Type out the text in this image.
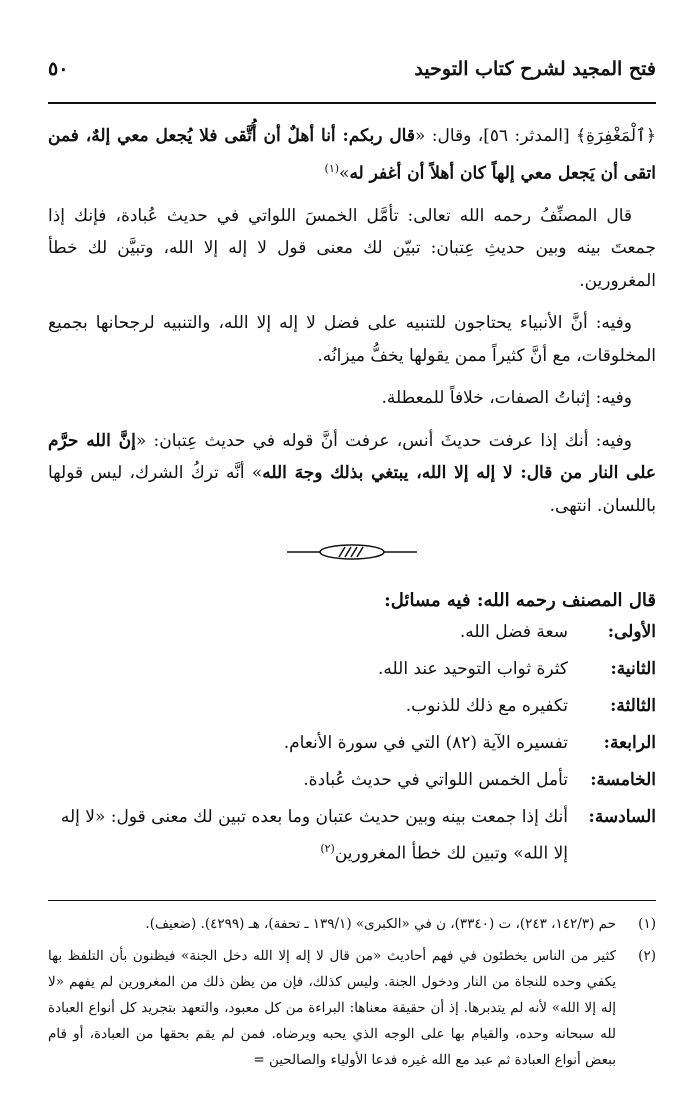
فتح المجيد لشرح كتاب التوحيد
٥٠

﴿ٱلْمَغْفِرَةِ﴾ [المدثر: ٥٦]، وقال: «قال ربكم: أنا أهلٌ أن أُتَّقى فلا يُجعل معي إلهٌ، فمن اتقى أن يَجعل معي إلهاً كان أهلاً أن أغفر له»$^{(١)}$

قال المصنِّفُ رحمه الله تعالى: تأمَّل الخمسَ اللواتي في حديث عُبادة، فإنك إذا جمعتَ بينه وبين حديثِ عِتبان: تبيّن لك معنى قول لا إله إلا الله، وتبيَّن لك خطأ المغرورين.

وفيه: أنَّ الأنبياء يحتاجون للتنبيه على فضل لا إله إلا الله، والتنبيه لرجحانها بجميع المخلوقات، مع أنَّ كثيراً ممن يقولها يخفُّ ميزانُه.

وفيه: إثباتُ الصفات، خلافاً للمعطلة.

وفيه: أنك إذا عرفت حديثَ أنس، عرفت أنَّ قوله في حديث عِتبان: «إنَّ الله حرَّم على النار من قال: لا إله إلا الله، يبتغي بذلك وجهَ الله» أنَّه تركُ الشرك، ليس قولها باللسان. انتهى.

قال المصنف رحمه الله: فيه مسائل:
الأولى:
سعة فضل الله.
الثانية:
كثرة ثواب التوحيد عند الله.
الثالثة:
تكفيره مع ذلك للذنوب.
الرابعة:
تفسيره الآية (٨٢) التي في سورة الأنعام.
الخامسة:
تأمل الخمس اللواتي في حديث عُبادة.
السادسة:
أنك إذا جمعت بينه وبين حديث عتبان وما بعده تبين لك معنى قول: «لا إله إلا الله» وتبين لك خطأ المغرورين$^{(٢)}$
(١)
حم (١٤٢/٣، ٢٤٣)، ت (٣٣٤٠)، ن في «الكبرى» (١٣٩/١ ـ تحفة)، هـ (٤٢٩٩). (ضعيف).
(٢)
كثير من الناس يخطئون في فهم أحاديث «من قال لا إله إلا الله دخل الجنة» فيظنون بأن التلفظ بها يكفي وحده للنجاة من النار ودخول الجنة. وليس كذلك، فإن من يظن ذلك من المغرورين لم يفهم «لا إله إلا الله» لأنه لم يتدبرها. إذ أن حقيقة معناها: البراءة من كل معبود، والتعهد بتجريد كل أنواع العبادة لله سبحانه وحده، والقيام بها على الوجه الذي يحبه ويرضاه. فمن لم يقم بحقها من العبادة، أو قام ببعض أنواع العبادة ثم عبد مع الله غيره فدعا الأولياء والصالحين =
